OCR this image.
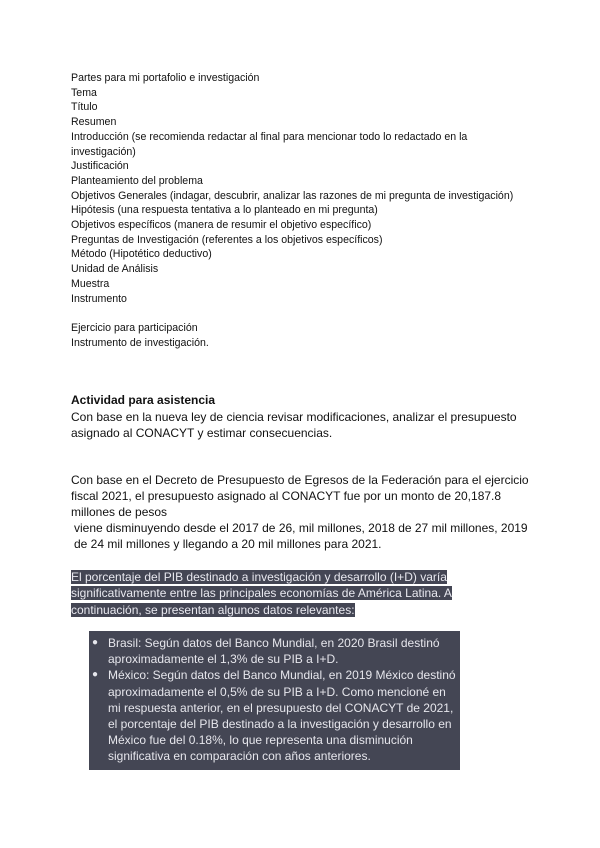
Partes para mi portafolio e investigación
Tema
Título
Resumen
Introducción (se recomienda redactar al final para mencionar todo lo redactado en la investigación)
Justificación
Planteamiento del problema
Objetivos Generales (indagar, descubrir, analizar las razones de mi pregunta de investigación)
Hipótesis (una respuesta tentativa a lo planteado en mi pregunta)
Objetivos específicos (manera de resumir el objetivo específico)
Preguntas de Investigación (referentes a los objetivos específicos)
Método (Hipotético deductivo)
Unidad de Análisis
Muestra
Instrumento
Ejercicio para participación
Instrumento de investigación.
Actividad para asistencia

Con base en la nueva ley de ciencia revisar modificaciones, analizar el presupuesto asignado al CONACYT y estimar consecuencias.

Con base en el Decreto de Presupuesto de Egresos de la Federación para el ejercicio fiscal 2021, el presupuesto asignado al CONACYT fue por un monto de 20,187.8 millones de pesos

viene disminuyendo desde el 2017 de 26, mil millones, 2018 de 27 mil millones, 2019 de 24 mil millones y llegando a 20 mil millones para 2021.

El porcentaje del PIB destinado a investigación y desarrollo (I+D) varía significativamente entre las principales economías de América Latina. A continuación, se presentan algunos datos relevantes:
● Brasil: Según datos del Banco Mundial, en 2020 Brasil destinó aproximadamente el 1,3% de su PIB a I+D.
● México: Según datos del Banco Mundial, en 2019 México destinó aproximadamente el 0,5% de su PIB a I+D. Como mencioné en mi respuesta anterior, en el presupuesto del CONACYT de 2021, el porcentaje del PIB destinado a la investigación y desarrollo en México fue del 0.18%, lo que representa una disminución significativa en comparación con años anteriores.
